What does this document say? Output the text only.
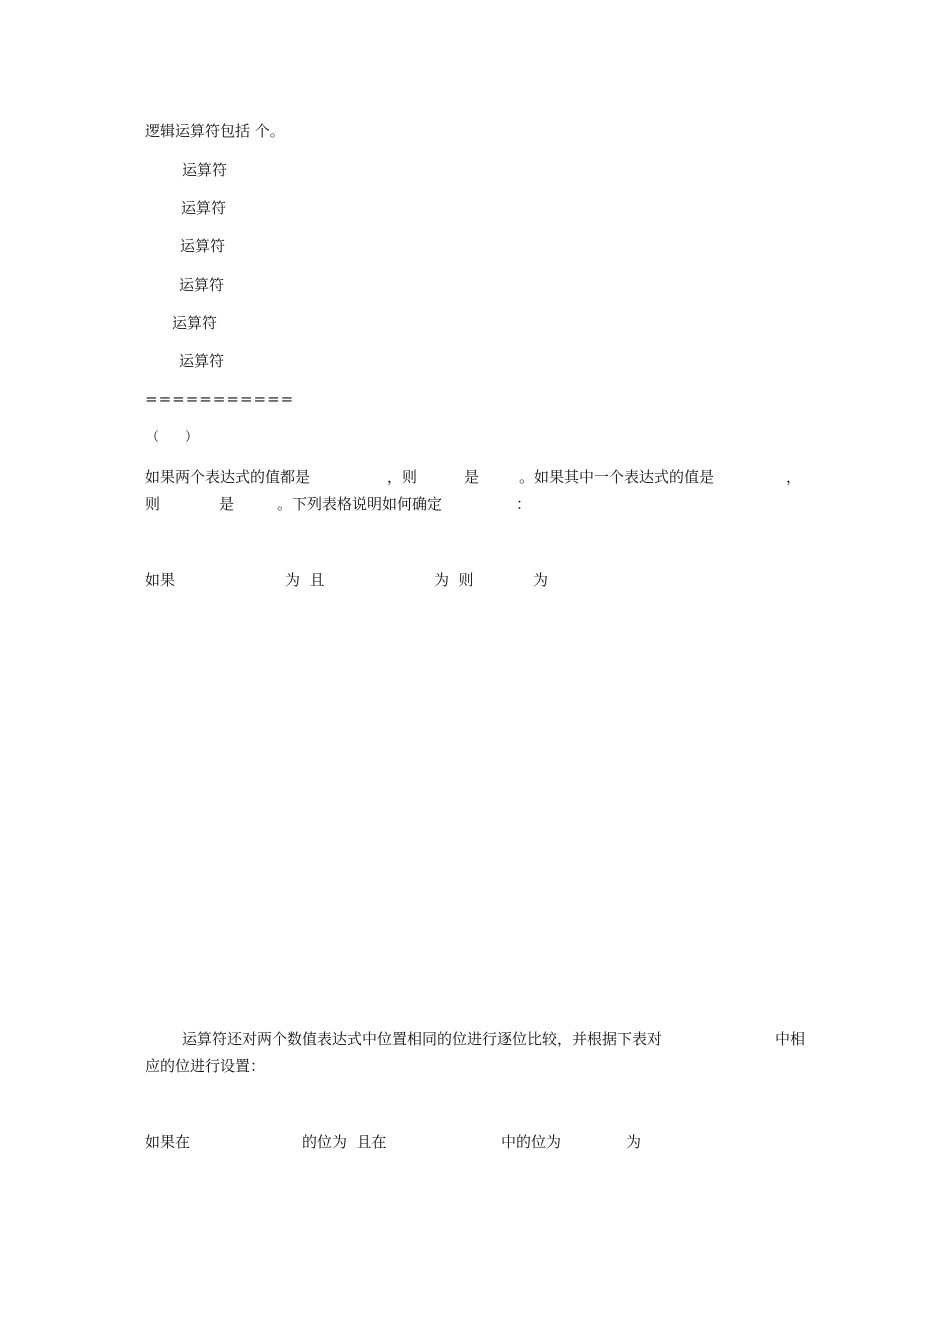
逻辑运算符包括 个。
运算符
运算符
运算符
运算符
运算符
运算符
===========
（　　）
如果两个表达式的值都是	，则	是	。如果其中一个表达式的值是	，
则	是	。下列表格说明如何确定	：
如果	为  且	为  则	为
运算符还对两个数值表达式中位置相同的位进行逐位比较，并根据下表对	中相
应的位进行设置：
如果在	的位为  且在	中的位为	为
